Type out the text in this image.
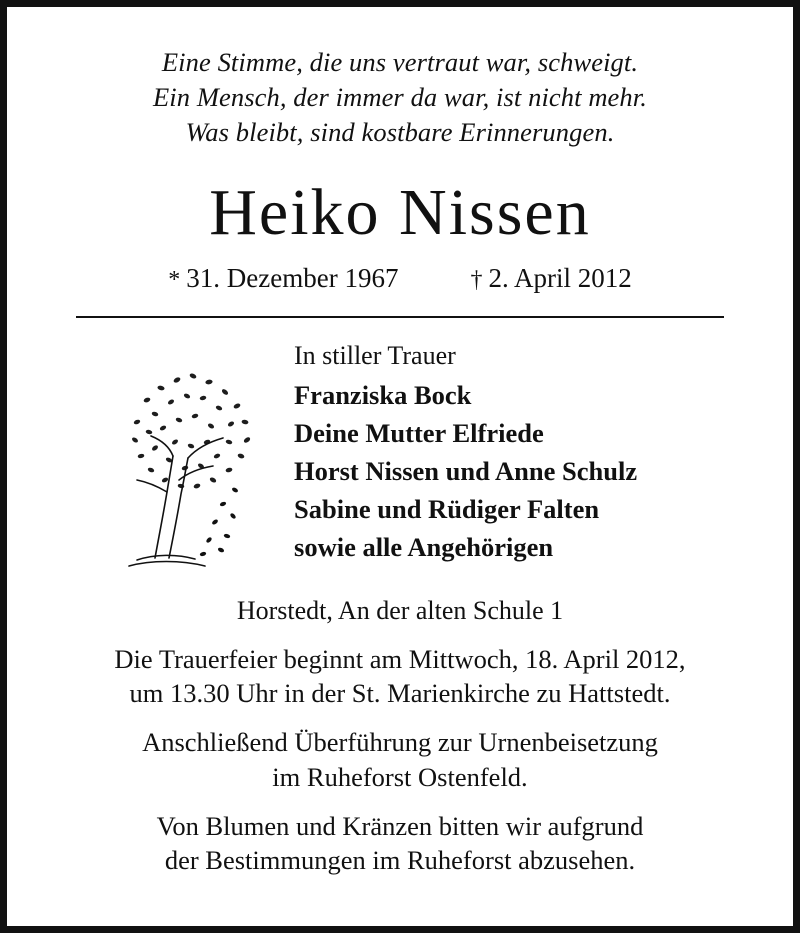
Eine Stimme, die uns vertraut war, schweigt.
Ein Mensch, der immer da war, ist nicht mehr.
Was bleibt, sind kostbare Erinnerungen.
Heiko Nissen
* 31. Dezember 1967	† 2. April 2012
In stiller Trauer
Franziska Bock
Deine Mutter Elfriede
Horst Nissen und Anne Schulz
Sabine und Rüdiger Falten
sowie alle Angehörigen
Horstedt, An der alten Schule 1
Die Trauerfeier beginnt am Mittwoch, 18. April 2012,
um 13.30 Uhr in der St. Marienkirche zu Hattstedt.
Anschließend Überführung zur Urnenbeisetzung
im Ruheforst Ostenfeld.
Von Blumen und Kränzen bitten wir aufgrund
der Bestimmungen im Ruheforst abzusehen.
